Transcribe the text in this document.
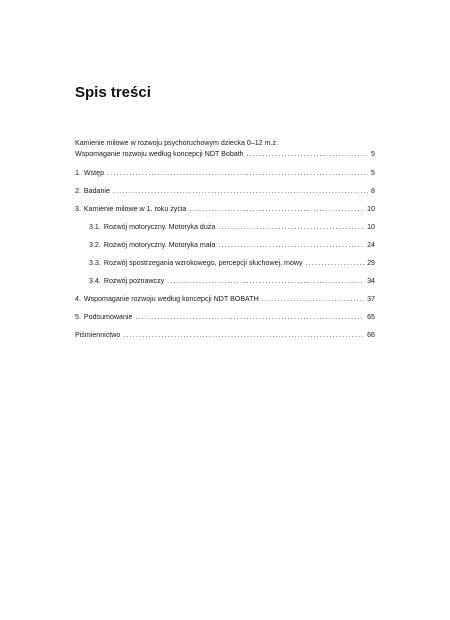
Spis treści
Kamienie milowe w rozwoju psychoruchowym dziecka 0–12 m.ż.
Wspomaganie rozwoju według koncepcji NDT Bobath .....	5
1. Wstęp .....	5
2. Badanie .....	8
3. Kamienie milowe w 1. roku życia .....	10
3.1. Rozwój motoryczny. Motoryka duża .....	10
3.2. Rozwój motoryczny. Motoryka mała .....	24
3.3. Rozwój spostrzegania wzrokowego, percepcji słuchowej, mowy .....	29
3.4. Rozwój poznawczy .....	34
4. Wspomaganie rozwoju według koncepcji NDT BOBATH .....	37
5. Podsumowanie .....	65
Piśmiennictwo .....	66
